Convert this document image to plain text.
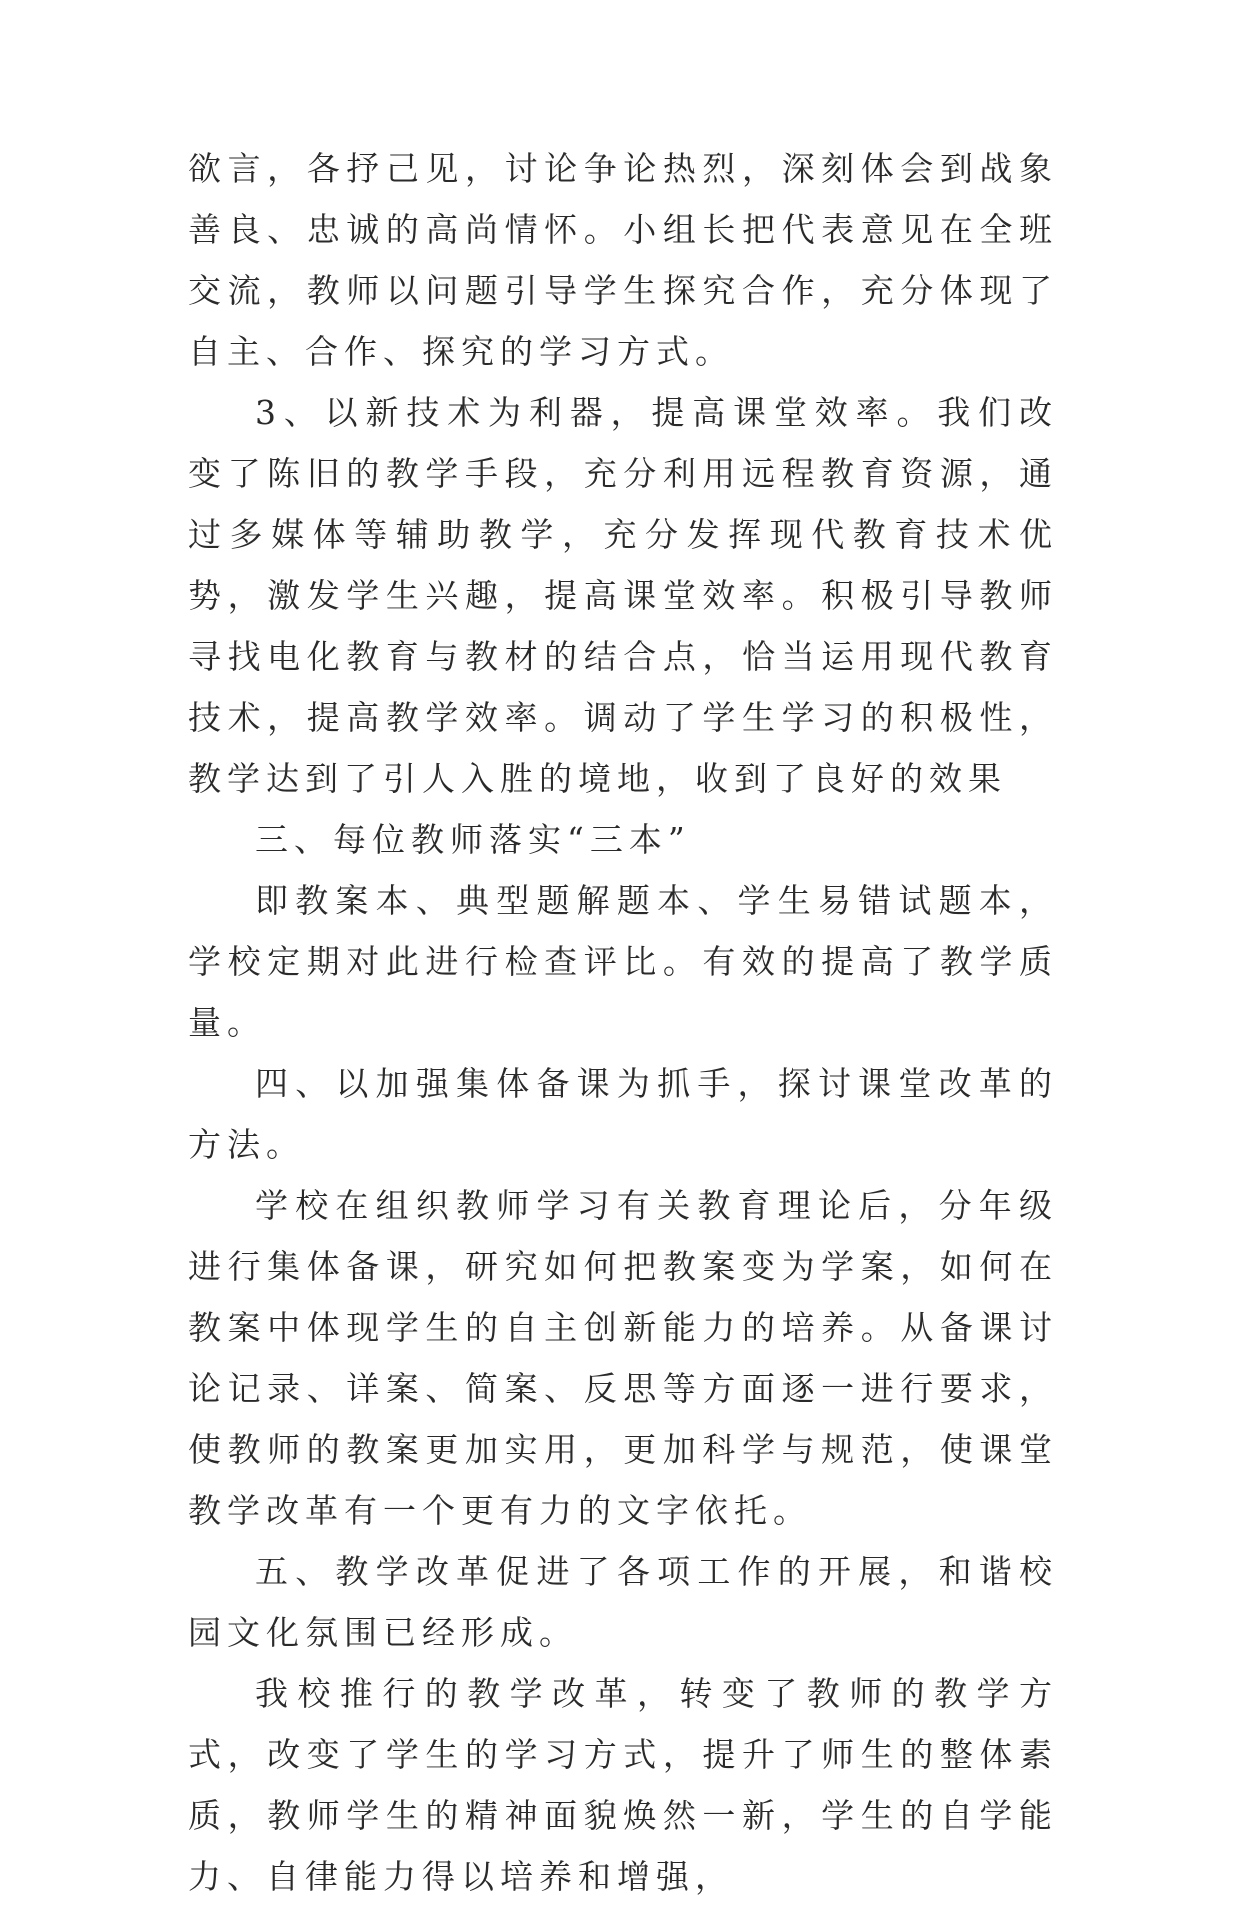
欲言，各抒己见，讨论争论热烈，深刻体会到战象善良、忠诚的高尚情怀。小组长把代表意见在全班交流，教师以问题引导学生探究合作，充分体现了自主、合作、探究的学习方式。

3、以新技术为利器，提高课堂效率。我们改变了陈旧的教学手段，充分利用远程教育资源，通过多媒体等辅助教学，充分发挥现代教育技术优势，激发学生兴趣，提高课堂效率。积极引导教师寻找电化教育与教材的结合点，恰当运用现代教育技术，提高教学效率。调动了学生学习的积极性，教学达到了引人入胜的境地，收到了良好的效果

三、每位教师落实“三本”

即教案本、典型题解题本、学生易错试题本，学校定期对此进行检查评比。有效的提高了教学质量。

四、以加强集体备课为抓手，探讨课堂改革的方法。

学校在组织教师学习有关教育理论后，分年级进行集体备课，研究如何把教案变为学案，如何在教案中体现学生的自主创新能力的培养。从备课讨论记录、详案、简案、反思等方面逐一进行要求，使教师的教案更加实用，更加科学与规范，使课堂教学改革有一个更有力的文字依托。

五、教学改革促进了各项工作的开展，和谐校园文化氛围已经形成。

我校推行的教学改革，转变了教师的教学方式，改变了学生的学习方式，提升了师生的整体素质，教师学生的精神面貌焕然一新，学生的自学能力、自律能力得以培养和增强，
